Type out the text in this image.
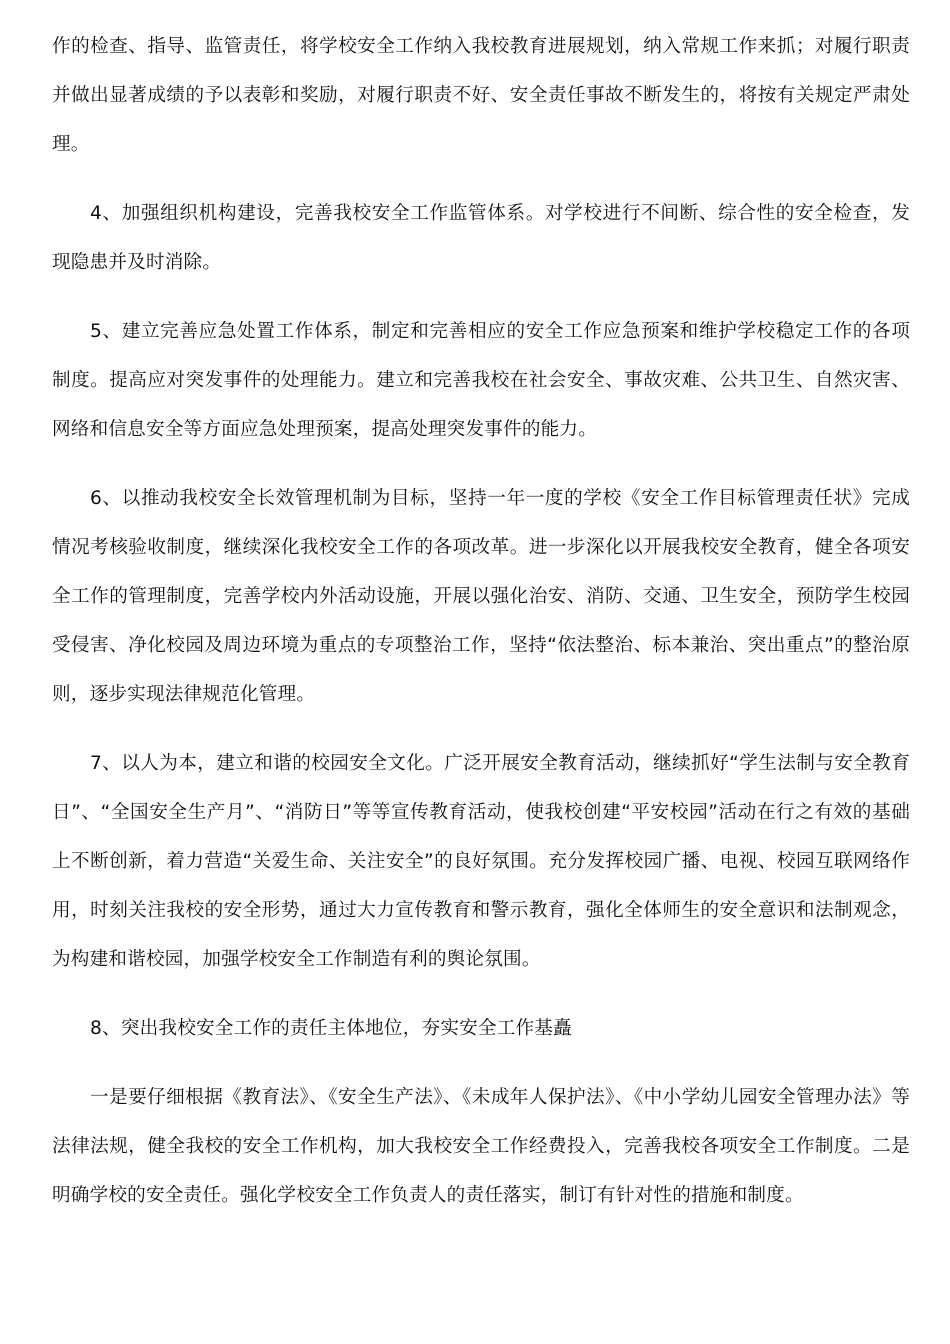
作的检查、指导、监管责任，将学校安全工作纳入我校教育进展规划，纳入常规工作来抓；对履行职责并做出显著成绩的予以表彰和奖励，对履行职责不好、安全责任事故不断发生的，将按有关规定严肃处理。

4、加强组织机构建设，完善我校安全工作监管体系。对学校进行不间断、综合性的安全检查，发现隐患并及时消除。

5、建立完善应急处置工作体系，制定和完善相应的安全工作应急预案和维护学校稳定工作的各项制度。提高应对突发事件的处理能力。建立和完善我校在社会安全、事故灾难、公共卫生、自然灾害、网络和信息安全等方面应急处理预案，提高处理突发事件的能力。

6、以推动我校安全长效管理机制为目标，坚持一年一度的学校《安全工作目标管理责任状》完成情况考核验收制度，继续深化我校安全工作的各项改革。进一步深化以开展我校安全教育，健全各项安全工作的管理制度，完善学校内外活动设施，开展以强化治安、消防、交通、卫生安全，预防学生校园受侵害、净化校园及周边环境为重点的专项整治工作，坚持“依法整治、标本兼治、突出重点”的整治原则，逐步实现法律规范化管理。

7、以人为本，建立和谐的校园安全文化。广泛开展安全教育活动，继续抓好“学生法制与安全教育日”、“全国安全生产月”、“消防日”等等宣传教育活动，使我校创建“平安校园”活动在行之有效的基础上不断创新，着力营造“关爱生命、关注安全”的良好氛围。充分发挥校园广播、电视、校园互联网络作用，时刻关注我校的安全形势，通过大力宣传教育和警示教育，强化全体师生的安全意识和法制观念，为构建和谐校园，加强学校安全工作制造有利的舆论氛围。

8、突出我校安全工作的责任主体地位，夯实安全工作基矗

一是要仔细根据《教育法》、《安全生产法》、《未成年人保护法》、《中小学幼儿园安全管理办法》等法律法规，健全我校的安全工作机构，加大我校安全工作经费投入，完善我校各项安全工作制度。二是明确学校的安全责任。强化学校安全工作负责人的责任落实，制订有针对性的措施和制度。
